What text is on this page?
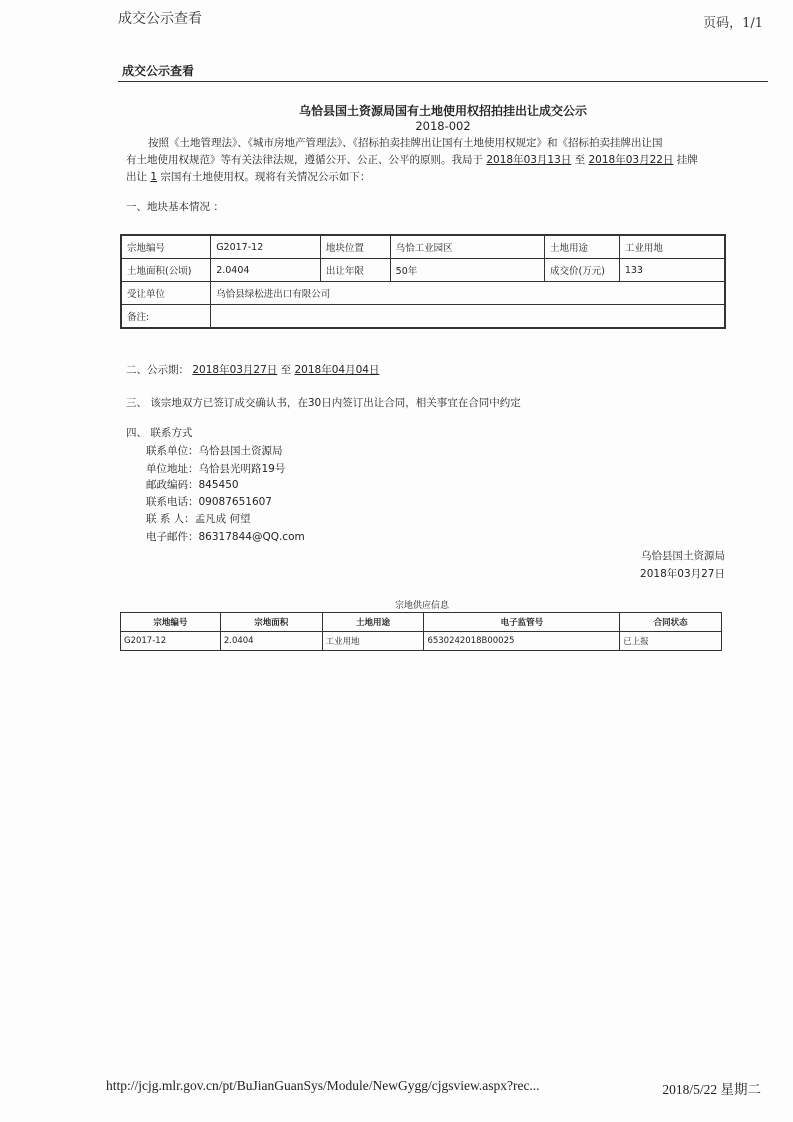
成交公示查看	页码，1/1
成交公示查看
乌恰县国土资源局国有土地使用权招拍挂出让成交公示
2018-002

按照《土地管理法》、《城市房地产管理法》、《招标拍卖挂牌出让国有土地使用权规定》和《招标拍卖挂牌出让国

有土地使用权规范》等有关法律法规，遵循公开、公正、公平的原则。我局于 2018年03月13日 至 2018年03月22日 挂牌

出让 1 宗国有土地使用权。现将有关情况公示如下：

一、地块基本情况 ：
宗地编号	G2017-12	地块位置	乌恰工业园区	土地用途	工业用地
土地面积(公顷)	2.0404	出让年限	50年	成交价(万元)	133
受让单位	乌恰县绿松进出口有限公司				
备注:					
二、公示期： 2018年03月27日 至 2018年04月04日
三、 该宗地双方已签订成交确认书，在30日内签订出让合同，相关事宜在合同中约定
四、 联系方式
联系单位：乌恰县国土资源局
单位地址：乌恰县光明路19号
邮政编码：845450
联系电话：09087651607
联 系 人：孟凡成 何望
电子邮件：86317844@QQ.com
乌恰县国土资源局
2018年03月27日
宗地供应信息
宗地编号	宗地面积	土地用途	电子监管号	合同状态
G2017-12	2.0404	工业用地	6530242018B00025	已上报
http://jcjg.mlr.gov.cn/pt/BuJianGuanSys/Module/NewGygg/cjgsview.aspx?rec...	2018/5/22 星期二
